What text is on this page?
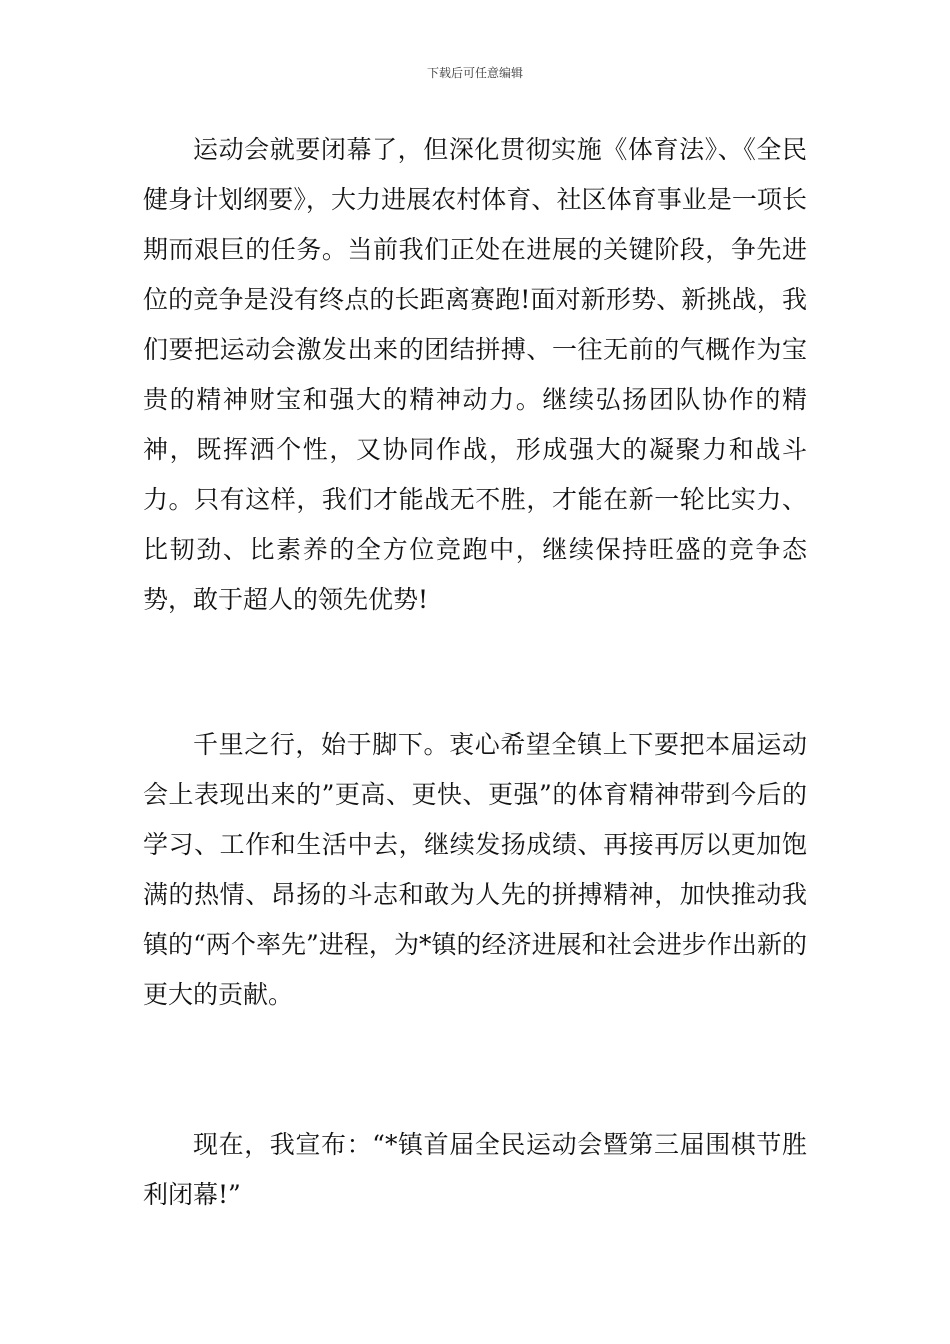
下载后可任意编辑

运动会就要闭幕了，但深化贯彻实施《体育法》、《全民健身计划纲要》，大力进展农村体育、社区体育事业是一项长期而艰巨的任务。当前我们正处在进展的关键阶段，争先进位的竞争是没有终点的长距离赛跑!面对新形势、新挑战，我们要把运动会激发出来的团结拼搏、一往无前的气概作为宝贵的精神财宝和强大的精神动力。继续弘扬团队协作的精神，既挥洒个性，又协同作战，形成强大的凝聚力和战斗力。只有这样，我们才能战无不胜，才能在新一轮比实力、比韧劲、比素养的全方位竞跑中，继续保持旺盛的竞争态势，敢于超人的领先优势!

千里之行，始于脚下。衷心希望全镇上下要把本届运动会上表现出来的”更高、更快、更强”的体育精神带到今后的学习、工作和生活中去，继续发扬成绩、再接再厉以更加饱满的热情、昂扬的斗志和敢为人先的拼搏精神，加快推动我镇的“两个率先”进程，为*镇的经济进展和社会进步作出新的更大的贡献。

现在，我宣布：“*镇首届全民运动会暨第三届围棋节胜利闭幕!”
